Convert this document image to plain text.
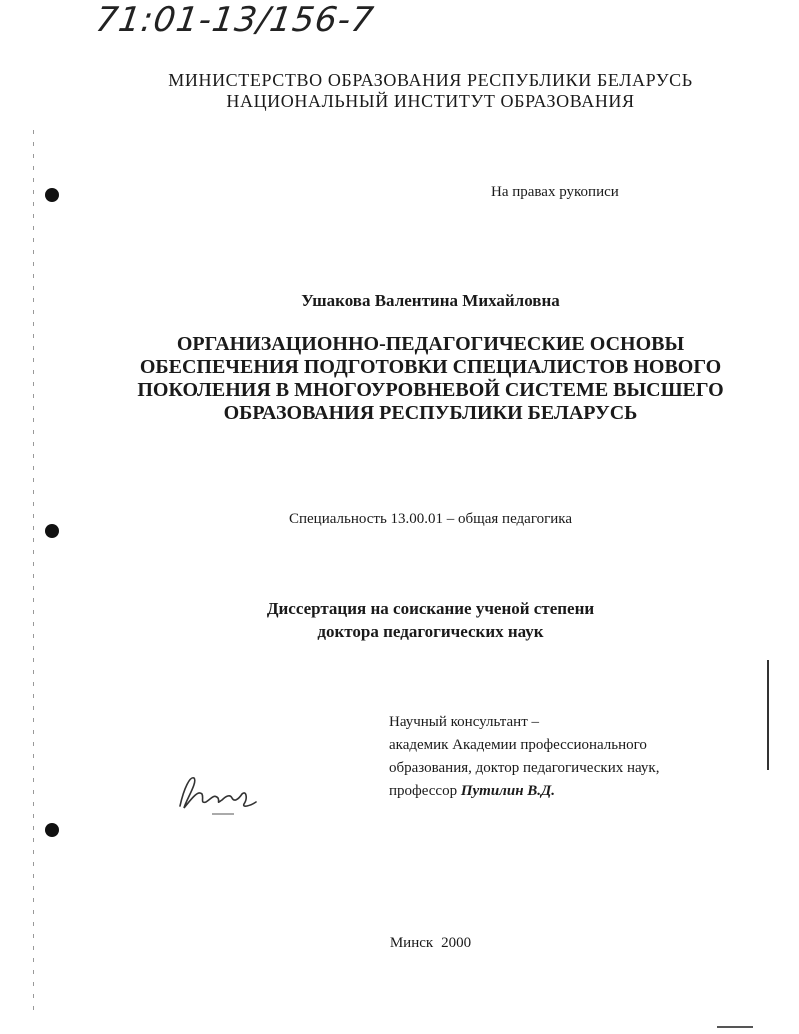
71:01-13/156-7
МИНИСТЕРСТВО ОБРАЗОВАНИЯ РЕСПУБЛИКИ БЕЛАРУСЬ
НАЦИОНАЛЬНЫЙ ИНСТИТУТ ОБРАЗОВАНИЯ
На правах рукописи
Ушакова Валентина Михайловна
ОРГАНИЗАЦИОННО-ПЕДАГОГИЧЕСКИЕ ОСНОВЫ
ОБЕСПЕЧЕНИЯ ПОДГОТОВКИ СПЕЦИАЛИСТОВ НОВОГО
ПОКОЛЕНИЯ В МНОГОУРОВНЕВОЙ СИСТЕМЕ ВЫСШЕГО
ОБРАЗОВАНИЯ РЕСПУБЛИКИ БЕЛАРУСЬ
Специальность 13.00.01 – общая педагогика
Диссертация на соискание ученой степени
доктора педагогических наук
Научный консультант –
академик Академии профессионального
образования, доктор педагогических наук,
профессор Путилин В.Д.
Минск 2000
